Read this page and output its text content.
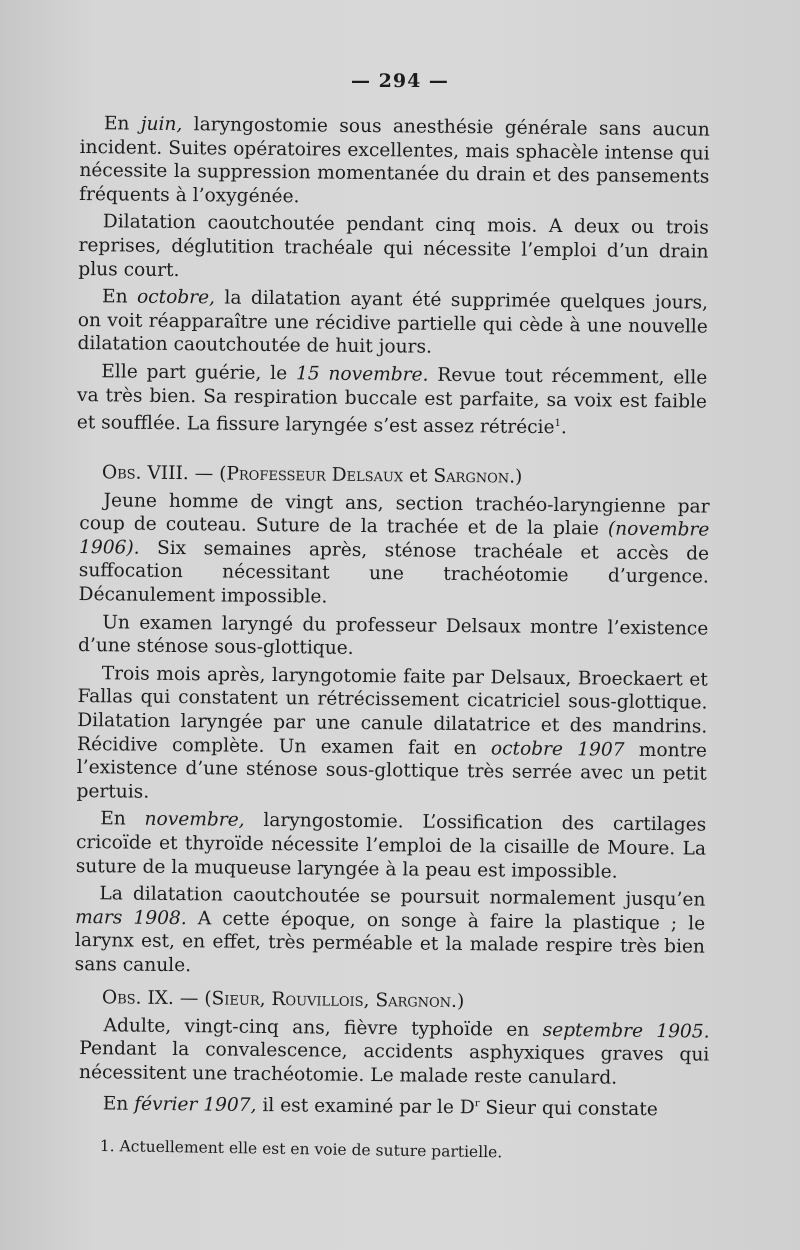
— 294 —

En juin, laryngostomie sous anesthésie générale sans aucun incident. Suites opératoires excellentes, mais sphacèle intense qui nécessite la suppression momentanée du drain et des pansements fréquents à l’oxygénée.

Dilatation caoutchoutée pendant cinq mois. A deux ou trois reprises, déglutition trachéale qui nécessite l’emploi d’un drain plus court.

En octobre, la dilatation ayant été supprimée quelques jours, on voit réapparaître une récidive partielle qui cède à une nouvelle dilatation caoutchoutée de huit jours.

Elle part guérie, le 15 novembre. Revue tout récemment, elle va très bien. Sa respiration buccale est parfaite, sa voix est faible et soufflée. La fissure laryngée s’est assez rétrécie$^1$.

Obs. VIII. — (Professeur Delsaux et Sargnon.)

Jeune homme de vingt ans, section trachéo-laryngienne par coup de couteau. Suture de la trachée et de la plaie (novembre 1906). Six semaines après, sténose trachéale et accès de suffocation nécessitant une trachéotomie d’urgence. Décanulement impossible.

Un examen laryngé du professeur Delsaux montre l’existence d’une sténose sous-glottique.

Trois mois après, laryngotomie faite par Delsaux, Broeckaert et Fallas qui constatent un rétrécissement cicatriciel sous-glottique. Dilatation laryngée par une canule dilatatrice et des mandrins. Récidive complète. Un examen fait en octobre 1907 montre l’existence d’une sténose sous-glottique très serrée avec un petit pertuis.

En novembre, laryngostomie. L’ossification des cartilages cricoïde et thyroïde nécessite l’emploi de la cisaille de Moure. La suture de la muqueuse laryngée à la peau est impossible.

La dilatation caoutchoutée se poursuit normalement jusqu’en mars 1908. A cette époque, on songe à faire la plastique ; le larynx est, en effet, très perméable et la malade respire très bien sans canule.

Obs. IX. — (Sieur, Rouvillois, Sargnon.)

Adulte, vingt-cinq ans, fièvre typhoïde en septembre 1905. Pendant la convalescence, accidents asphyxiques graves qui nécessitent une trachéotomie. Le malade reste canulard.

En février 1907, il est examiné par le $D^r$ Sieur qui constate

1. Actuellement elle est en voie de suture partielle.
